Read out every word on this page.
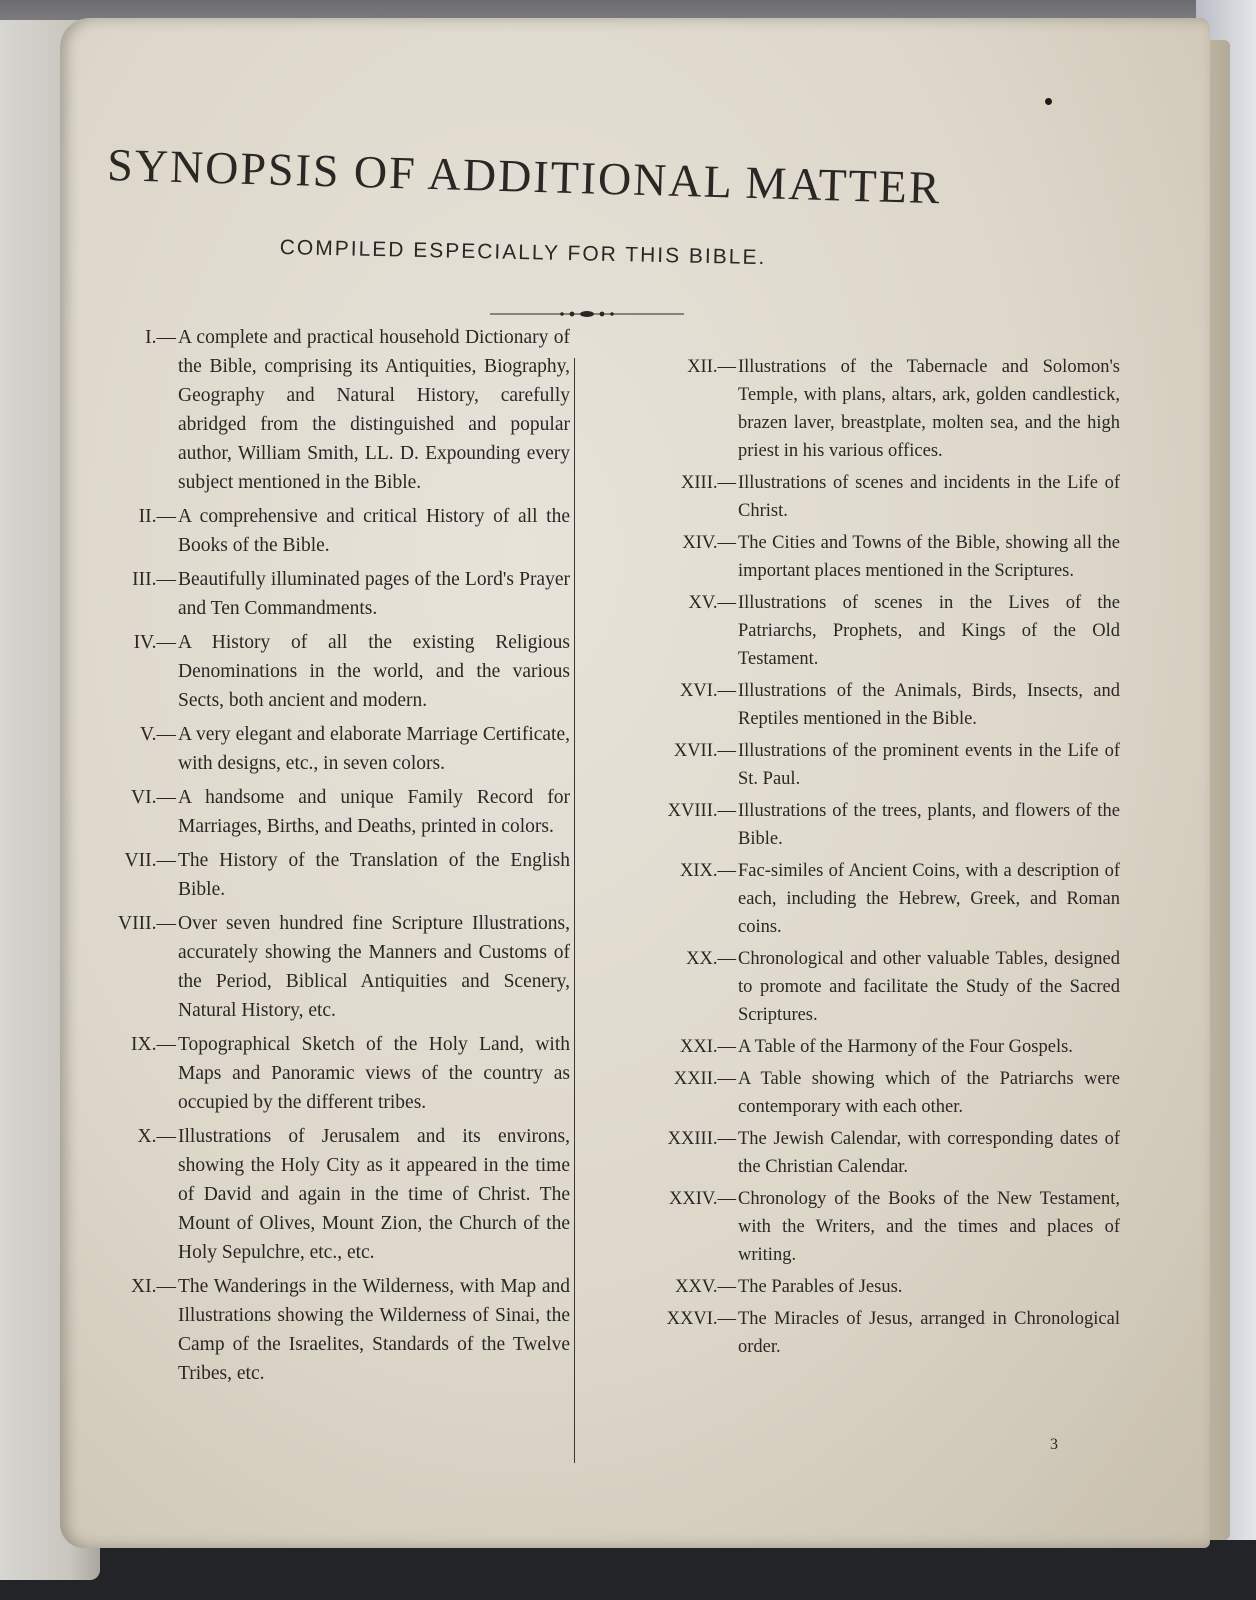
SYNOPSIS OF ADDITIONAL MATTER

COMPILED ESPECIALLY FOR THIS BIBLE.

I.— A complete and practical household Dictionary of the Bible, comprising its Antiquities, Biography, Geography and Natural History, carefully abridged from the distinguished and popular author, William Smith, LL. D. Expounding every subject mentioned in the Bible.
II.— A comprehensive and critical History of all the Books of the Bible.
III.— Beautifully illuminated pages of the Lord's Prayer and Ten Commandments.
IV.— A History of all the existing Religious Denominations in the world, and the various Sects, both ancient and modern.
V.— A very elegant and elaborate Marriage Certificate, with designs, etc., in seven colors.
VI.— A handsome and unique Family Record for Marriages, Births, and Deaths, printed in colors.
VII.— The History of the Translation of the English Bible.
VIII.— Over seven hundred fine Scripture Illustrations, accurately showing the Manners and Customs of the Period, Biblical Antiquities and Scenery, Natural History, etc.
IX.— Topographical Sketch of the Holy Land, with Maps and Panoramic views of the country as occupied by the different tribes.
X.— Illustrations of Jerusalem and its environs, showing the Holy City as it appeared in the time of David and again in the time of Christ. The Mount of Olives, Mount Zion, the Church of the Holy Sepulchre, etc., etc.
XI.— The Wanderings in the Wilderness, with Map and Illustrations showing the Wilderness of Sinai, the Camp of the Israelites, Standards of the Twelve Tribes, etc.
XII.— Illustrations of the Tabernacle and Solomon's Temple, with plans, altars, ark, golden candlestick, brazen laver, breastplate, molten sea, and the high priest in his various offices.
XIII.— Illustrations of scenes and incidents in the Life of Christ.
XIV.— The Cities and Towns of the Bible, showing all the important places mentioned in the Scriptures.
XV.— Illustrations of scenes in the Lives of the Patriarchs, Prophets, and Kings of the Old Testament.
XVI.— Illustrations of the Animals, Birds, Insects, and Reptiles mentioned in the Bible.
XVII.— Illustrations of the prominent events in the Life of St. Paul.
XVIII.— Illustrations of the trees, plants, and flowers of the Bible.
XIX.— Fac-similes of Ancient Coins, with a description of each, including the Hebrew, Greek, and Roman coins.
XX.— Chronological and other valuable Tables, designed to promote and facilitate the Study of the Sacred Scriptures.
XXI.— A Table of the Harmony of the Four Gospels.
XXII.— A Table showing which of the Patriarchs were contemporary with each other.
XXIII.— The Jewish Calendar, with corresponding dates of the Christian Calendar.
XXIV.— Chronology of the Books of the New Testament, with the Writers, and the times and places of writing.
XXV.— The Parables of Jesus.
XXVI.— The Miracles of Jesus, arranged in Chronological order.
3
